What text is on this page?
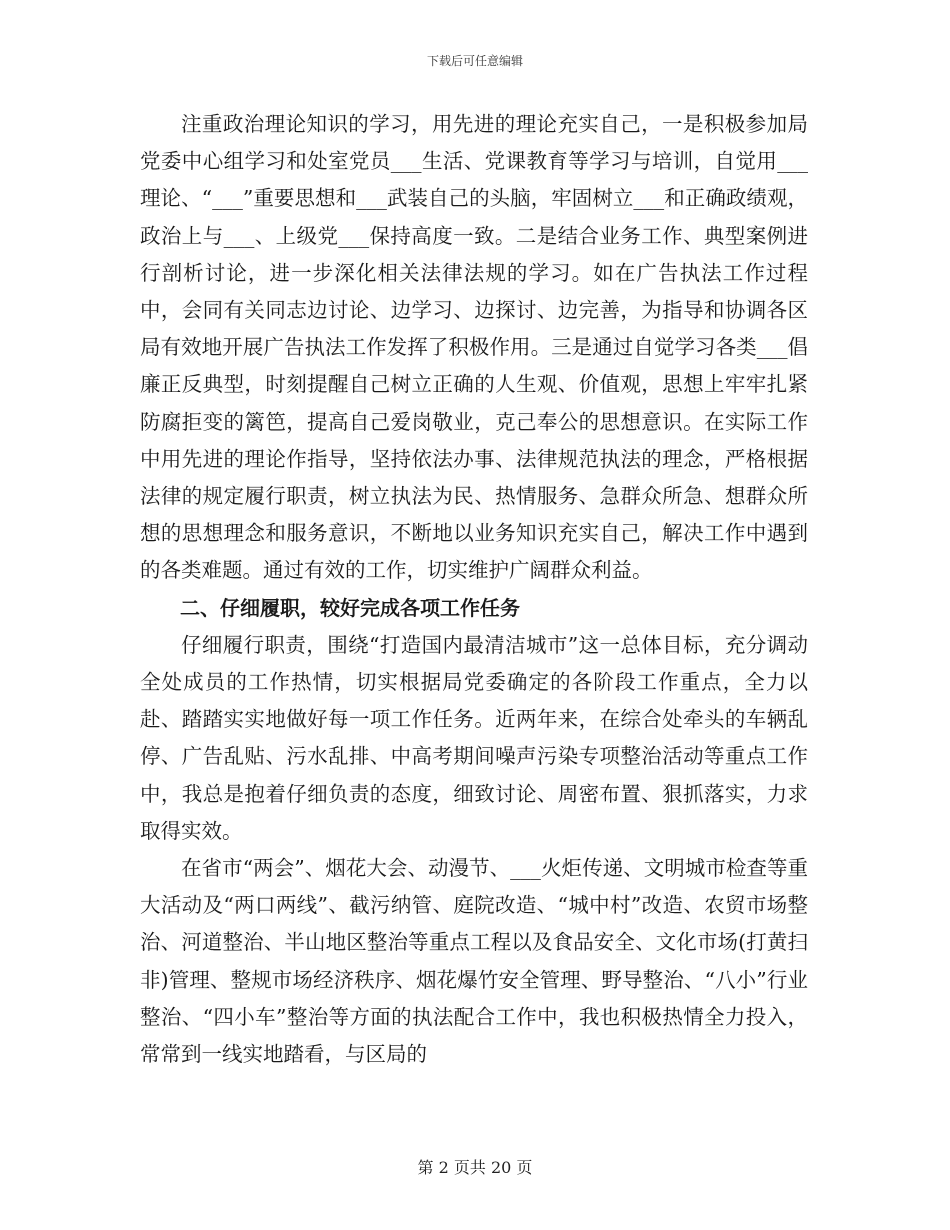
下载后可任意编辑

注重政治理论知识的学习，用先进的理论充实自己，一是积极参加局党委中心组学习和处室党员___生活、党课教育等学习与培训，自觉用___理论、“___”重要思想和___武装自己的头脑，牢固树立___和正确政绩观，政治上与___、上级党___保持高度一致。二是结合业务工作、典型案例进行剖析讨论，进一步深化相关法律法规的学习。如在广告执法工作过程中，会同有关同志边讨论、边学习、边探讨、边完善，为指导和协调各区局有效地开展广告执法工作发挥了积极作用。三是通过自觉学习各类___倡廉正反典型，时刻提醒自己树立正确的人生观、价值观，思想上牢牢扎紧防腐拒变的篱笆，提高自己爱岗敬业，克己奉公的思想意识。在实际工作中用先进的理论作指导，坚持依法办事、法律规范执法的理念，严格根据法律的规定履行职责，树立执法为民、热情服务、急群众所急、想群众所想的思想理念和服务意识，不断地以业务知识充实自己，解决工作中遇到的各类难题。通过有效的工作，切实维护广阔群众利益。

二、仔细履职，较好完成各项工作任务

仔细履行职责，围绕“打造国内最清洁城市”这一总体目标，充分调动全处成员的工作热情，切实根据局党委确定的各阶段工作重点，全力以赴、踏踏实实地做好每一项工作任务。近两年来，在综合处牵头的车辆乱停、广告乱贴、污水乱排、中高考期间噪声污染专项整治活动等重点工作中，我总是抱着仔细负责的态度，细致讨论、周密布置、狠抓落实，力求取得实效。

在省市“两会”、烟花大会、动漫节、___火炬传递、文明城市检查等重大活动及“两口两线”、截污纳管、庭院改造、“城中村”改造、农贸市场整治、河道整治、半山地区整治等重点工程以及食品安全、文化市场(打黄扫非)管理、整规市场经济秩序、烟花爆竹安全管理、野导整治、“八小”行业整治、“四小车”整治等方面的执法配合工作中，我也积极热情全力投入，常常到一线实地踏看，与区局的

第 2 页共 20 页
